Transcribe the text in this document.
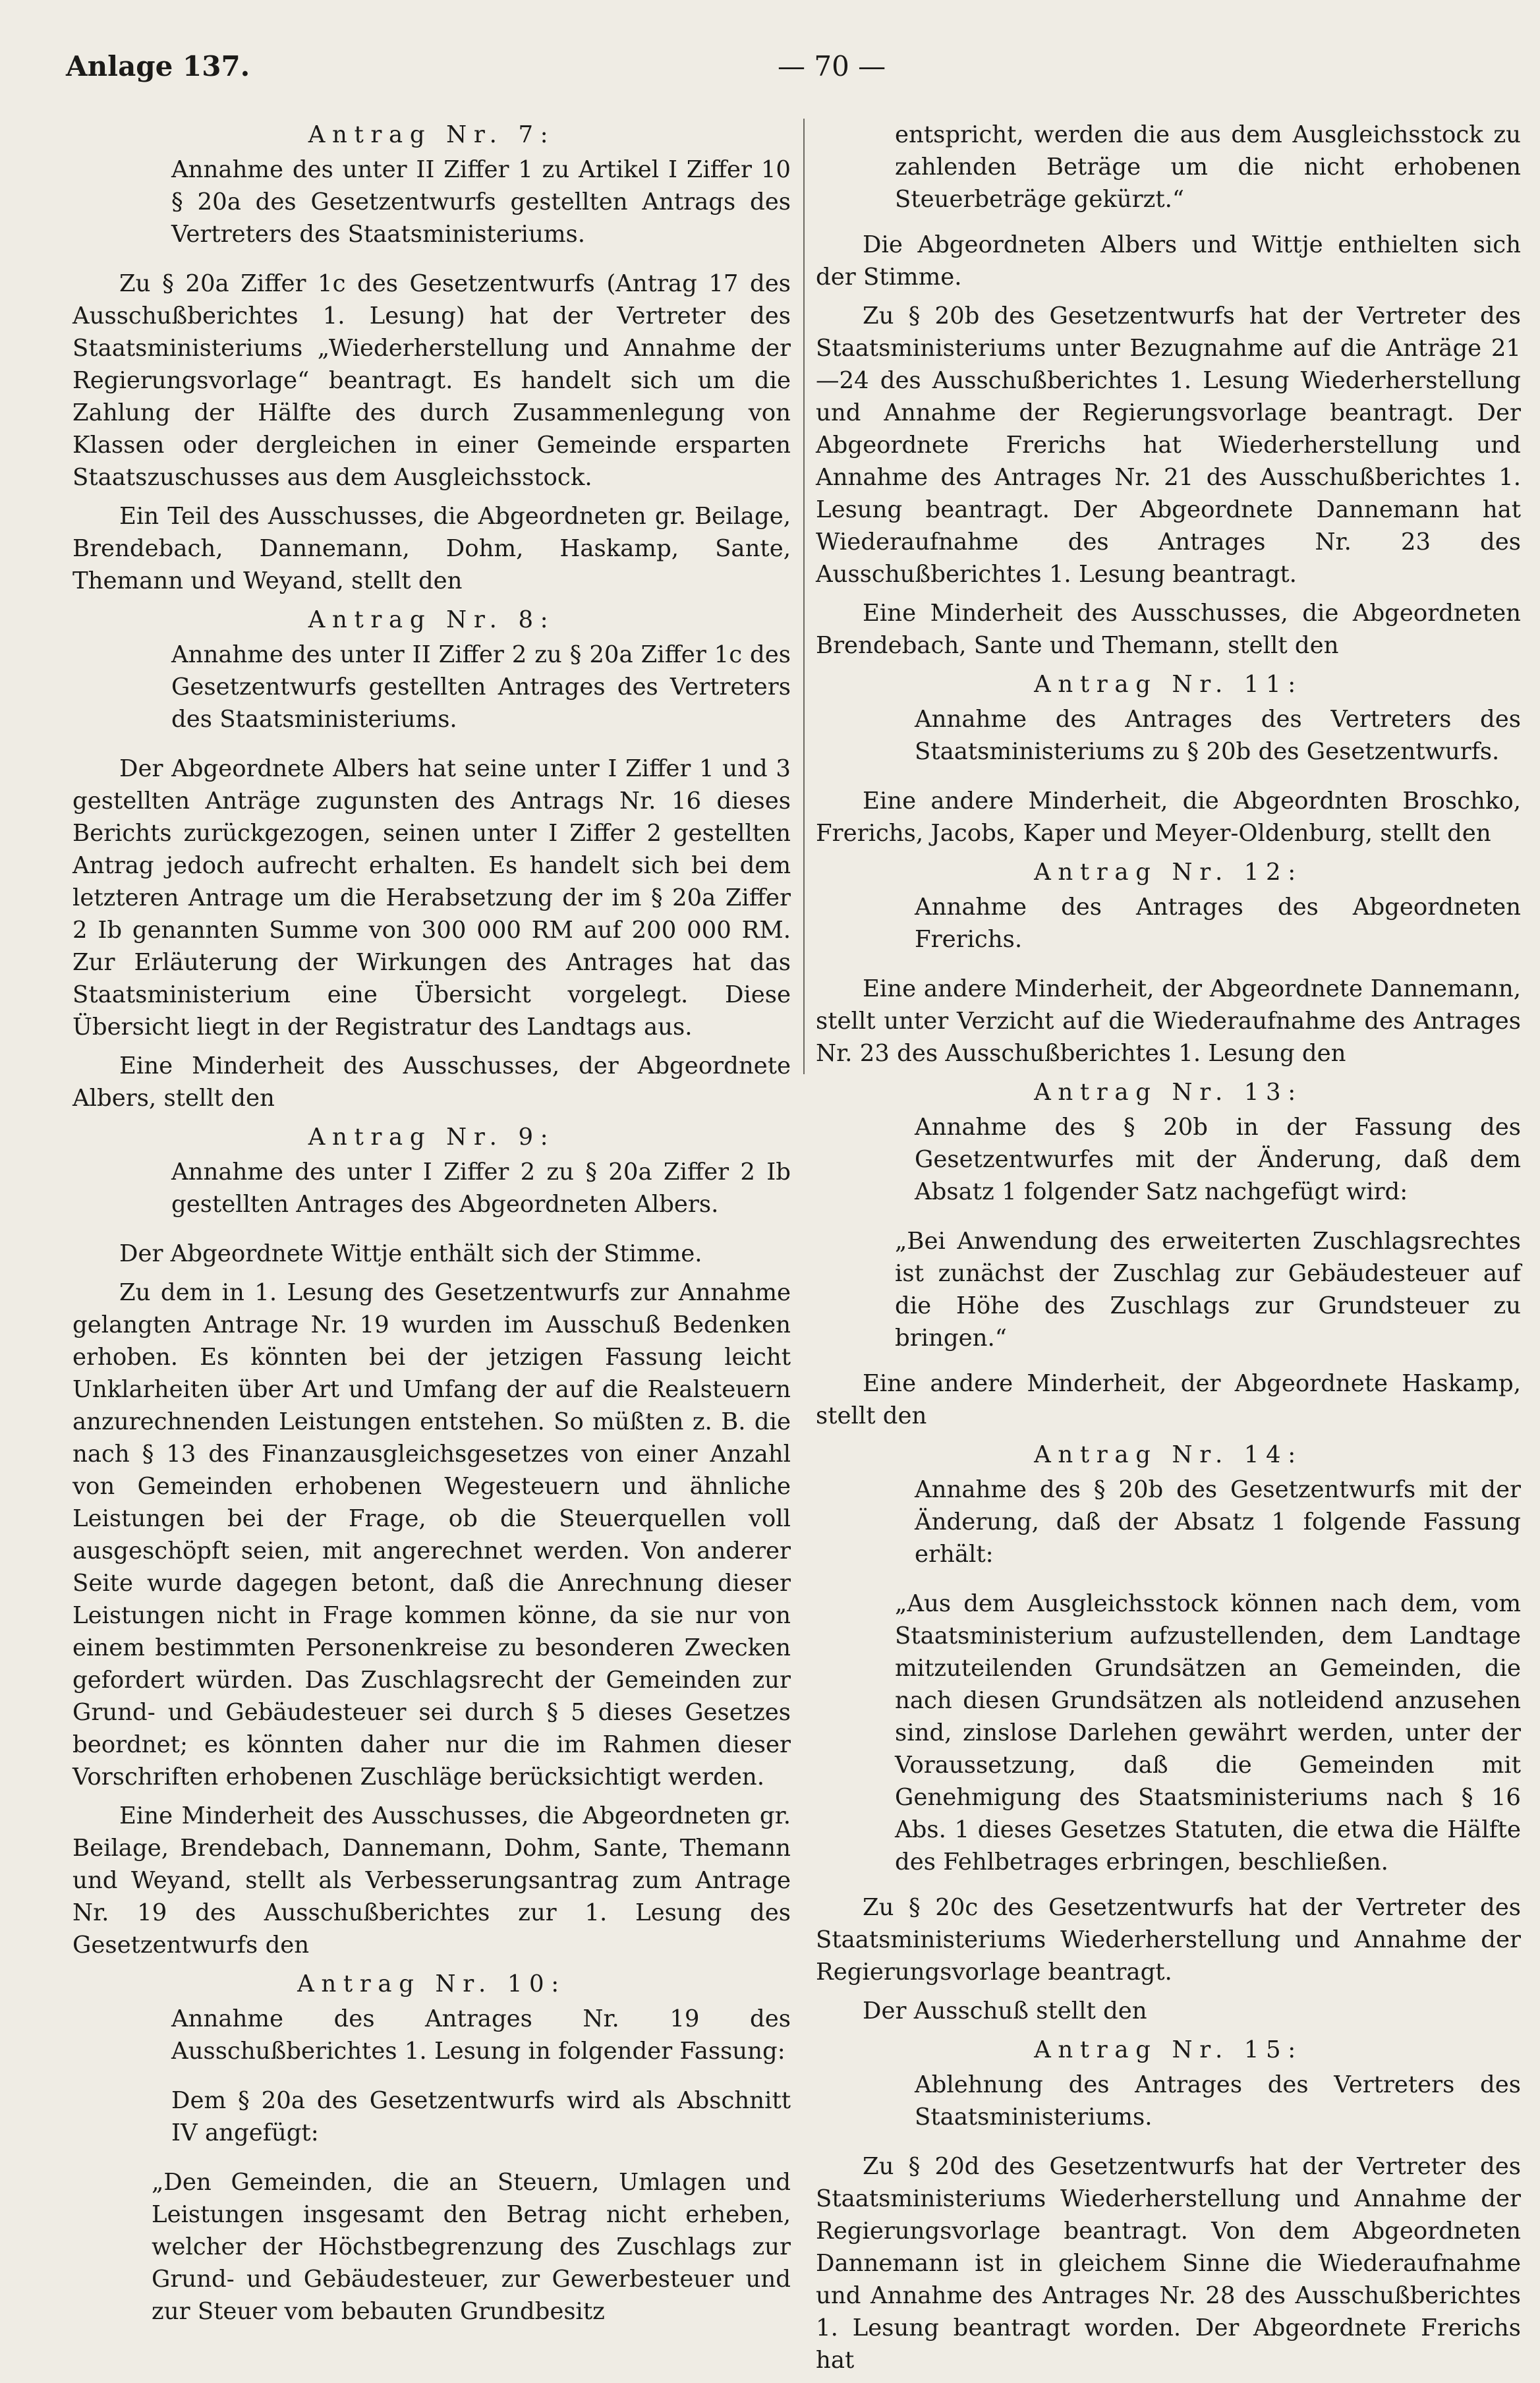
Anlage 137.	— 70 —
Antrag Nr. 7:

Annahme des unter II Ziffer 1 zu Artikel I Ziffer 10 § 20a des Gesetzentwurfs gestellten Antrags des Vertreters des Staatsministeriums.

Zu § 20a Ziffer 1c des Gesetzentwurfs (Antrag 17 des Ausschußberichtes 1. Lesung) hat der Vertreter des Staatsministeriums „Wiederherstellung und Annahme der Regierungsvorlage“ beantragt. Es handelt sich um die Zahlung der Hälfte des durch Zusammenlegung von Klassen oder dergleichen in einer Gemeinde ersparten Staatszuschusses aus dem Ausgleichsstock.

Ein Teil des Ausschusses, die Abgeordneten gr. Beilage, Brendebach, Dannemann, Dohm, Haskamp, Sante, Themann und Weyand, stellt den

Antrag Nr. 8:

Annahme des unter II Ziffer 2 zu § 20a Ziffer 1c des Gesetzentwurfs gestellten Antrages des Vertreters des Staatsministeriums.

Der Abgeordnete Albers hat seine unter I Ziffer 1 und 3 gestellten Anträge zugunsten des Antrags Nr. 16 dieses Berichts zurückgezogen, seinen unter I Ziffer 2 gestellten Antrag jedoch aufrecht erhalten. Es handelt sich bei dem letzteren Antrage um die Herabsetzung der im § 20a Ziffer 2 Ib genannten Summe von 300 000 RM auf 200 000 RM. Zur Erläuterung der Wirkungen des Antrages hat das Staatsministerium eine Übersicht vorgelegt. Diese Übersicht liegt in der Registratur des Landtags aus.

Eine Minderheit des Ausschusses, der Abgeordnete Albers, stellt den

Antrag Nr. 9:

Annahme des unter I Ziffer 2 zu § 20a Ziffer 2 Ib gestellten Antrages des Abgeordneten Albers.

Der Abgeordnete Wittje enthält sich der Stimme.

Zu dem in 1. Lesung des Gesetzentwurfs zur Annahme gelangten Antrage Nr. 19 wurden im Ausschuß Bedenken erhoben. Es könnten bei der jetzigen Fassung leicht Unklarheiten über Art und Umfang der auf die Realsteuern anzurechnenden Leistungen entstehen. So müßten z. B. die nach § 13 des Finanzausgleichsgesetzes von einer Anzahl von Gemeinden erhobenen Wegesteuern und ähnliche Leistungen bei der Frage, ob die Steuerquellen voll ausgeschöpft seien, mit angerechnet werden. Von anderer Seite wurde dagegen betont, daß die Anrechnung dieser Leistungen nicht in Frage kommen könne, da sie nur von einem bestimmten Personenkreise zu besonderen Zwecken gefordert würden. Das Zuschlagsrecht der Gemeinden zur Grund- und Gebäudesteuer sei durch § 5 dieses Gesetzes beordnet; es könnten daher nur die im Rahmen dieser Vorschriften erhobenen Zuschläge berücksichtigt werden.

Eine Minderheit des Ausschusses, die Abgeordneten gr. Beilage, Brendebach, Dannemann, Dohm, Sante, Themann und Weyand, stellt als Verbesserungsantrag zum Antrage Nr. 19 des Ausschußberichtes zur 1. Lesung des Gesetzentwurfs den

Antrag Nr. 10:

Annahme des Antrages Nr. 19 des Ausschußberichtes 1. Lesung in folgender Fassung:

Dem § 20a des Gesetzentwurfs wird als Abschnitt IV angefügt:

„Den Gemeinden, die an Steuern, Umlagen und Leistungen insgesamt den Betrag nicht erheben, welcher der Höchstbegrenzung des Zuschlags zur Grund- und Gebäudesteuer, zur Gewerbesteuer und zur Steuer vom bebauten Grundbesitz

entspricht, werden die aus dem Ausgleichsstock zu zahlenden Beträge um die nicht erhobenen Steuerbeträge gekürzt.“

Die Abgeordneten Albers und Wittje enthielten sich der Stimme.

Zu § 20b des Gesetzentwurfs hat der Vertreter des Staatsministeriums unter Bezugnahme auf die Anträge 21—24 des Ausschußberichtes 1. Lesung Wiederherstellung und Annahme der Regierungsvorlage beantragt. Der Abgeordnete Frerichs hat Wiederherstellung und Annahme des Antrages Nr. 21 des Ausschußberichtes 1. Lesung beantragt. Der Abgeordnete Dannemann hat Wiederaufnahme des Antrages Nr. 23 des Ausschußberichtes 1. Lesung beantragt.

Eine Minderheit des Ausschusses, die Abgeordneten Brendebach, Sante und Themann, stellt den

Antrag Nr. 11:

Annahme des Antrages des Vertreters des Staatsministeriums zu § 20b des Gesetzentwurfs.

Eine andere Minderheit, die Abgeordnten Broschko, Frerichs, Jacobs, Kaper und Meyer-Oldenburg, stellt den

Antrag Nr. 12:

Annahme des Antrages des Abgeordneten Frerichs.

Eine andere Minderheit, der Abgeordnete Dannemann, stellt unter Verzicht auf die Wiederaufnahme des Antrages Nr. 23 des Ausschußberichtes 1. Lesung den

Antrag Nr. 13:

Annahme des § 20b in der Fassung des Gesetzentwurfes mit der Änderung, daß dem Absatz 1 folgender Satz nachgefügt wird:

„Bei Anwendung des erweiterten Zuschlagsrechtes ist zunächst der Zuschlag zur Gebäudesteuer auf die Höhe des Zuschlags zur Grundsteuer zu bringen.“

Eine andere Minderheit, der Abgeordnete Haskamp, stellt den

Antrag Nr. 14:

Annahme des § 20b des Gesetzentwurfs mit der Änderung, daß der Absatz 1 folgende Fassung erhält:

„Aus dem Ausgleichsstock können nach dem, vom Staatsministerium aufzustellenden, dem Landtage mitzuteilenden Grundsätzen an Gemeinden, die nach diesen Grundsätzen als notleidend anzusehen sind, zinslose Darlehen gewährt werden, unter der Voraussetzung, daß die Gemeinden mit Genehmigung des Staatsministeriums nach § 16 Abs. 1 dieses Gesetzes Statuten, die etwa die Hälfte des Fehlbetrages erbringen, beschließen.

Zu § 20c des Gesetzentwurfs hat der Vertreter des Staatsministeriums Wiederherstellung und Annahme der Regierungsvorlage beantragt.

Der Ausschuß stellt den

Antrag Nr. 15:

Ablehnung des Antrages des Vertreters des Staatsministeriums.

Zu § 20d des Gesetzentwurfs hat der Vertreter des Staatsministeriums Wiederherstellung und Annahme der Regierungsvorlage beantragt. Von dem Abgeordneten Dannemann ist in gleichem Sinne die Wiederaufnahme und Annahme des Antrages Nr. 28 des Ausschußberichtes 1. Lesung beantragt worden. Der Abgeordnete Frerichs hat
